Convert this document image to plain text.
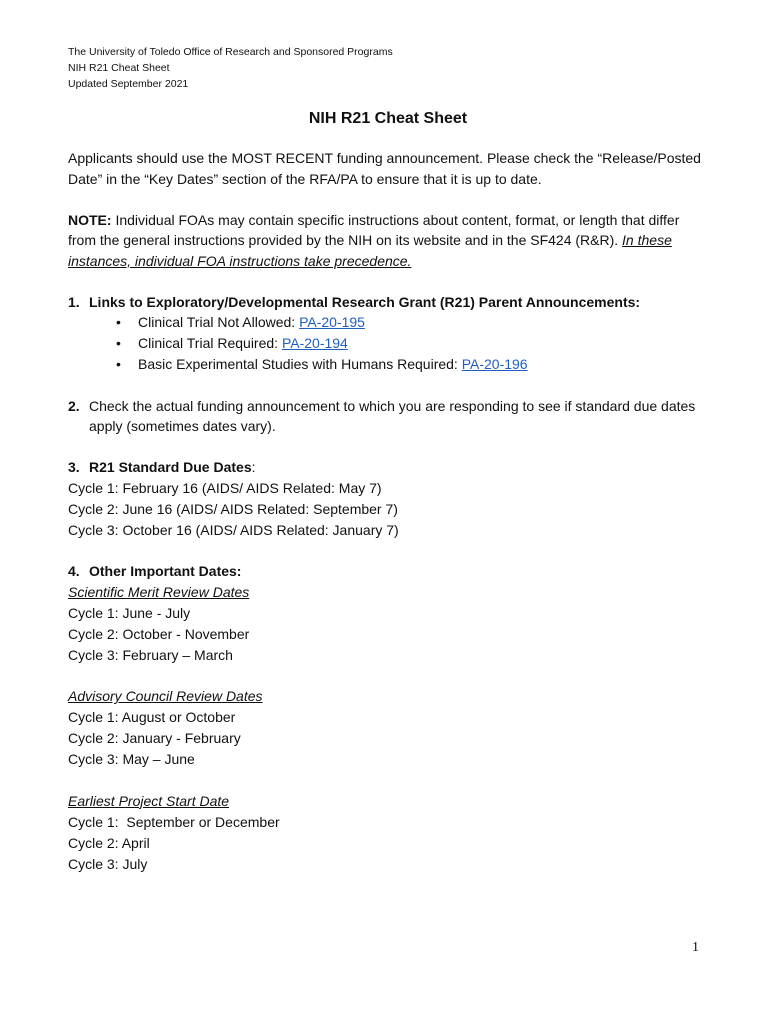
The University of Toledo Office of Research and Sponsored Programs
NIH R21 Cheat Sheet
Updated September 2021
NIH R21 Cheat Sheet

Applicants should use the MOST RECENT funding announcement. Please check the “Release/Posted Date” in the “Key Dates” section of the RFA/PA to ensure that it is up to date.

NOTE: Individual FOAs may contain specific instructions about content, format, or length that differ from the general instructions provided by the NIH on its website and in the SF424 (R&R). In these instances, individual FOA instructions take precedence.

1. Links to Exploratory/Developmental Research Grant (R21) Parent Announcements:
• Clinical Trial Not Allowed: PA-20-195
• Clinical Trial Required: PA-20-194
• Basic Experimental Studies with Humans Required: PA-20-196
2. Check the actual funding announcement to which you are responding to see if standard due dates apply (sometimes dates vary).
3. R21 Standard Due Dates:
Cycle 1: February 16 (AIDS/ AIDS Related: May 7)
Cycle 2: June 16 (AIDS/ AIDS Related: September 7)
Cycle 3: October 16 (AIDS/ AIDS Related: January 7)
4. Other Important Dates:
Scientific Merit Review Dates
Cycle 1: June - July
Cycle 2: October - November
Cycle 3: February – March
Advisory Council Review Dates
Cycle 1: August or October
Cycle 2: January - February
Cycle 3: May – June
Earliest Project Start Date
Cycle 1:  September or December
Cycle 2: April
Cycle 3: July
1
